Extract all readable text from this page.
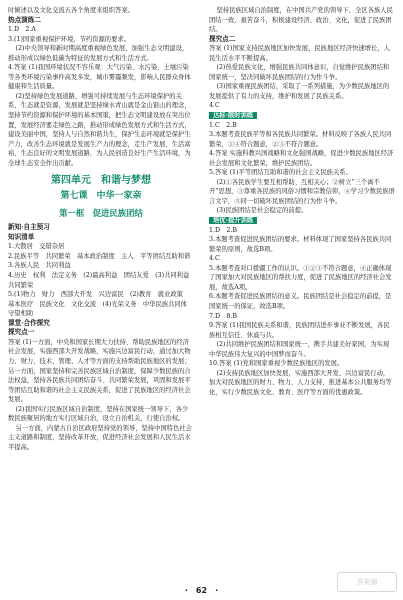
时倾述以及文化交流五各个角度来组织答案。

热点演练二

1.D　2.A

3.(1)国家重视保护环境，节约资源的要求。

(2)中央领导和新时期高度重视绿色发展，加强生态文明建设，推动形成以绿色低碳为特征的发展方式和生活方式。

4.答案 (1)我国环境状况不容乐观：大气污染、水污染、土壤污染等各类环境污染事件高发多发，城市雾霾频发，影响人民群众身体健康和生活质量。

(2)坚持绿色发展道路，增强可持续发展与生态环境保护的关系，生态就是资源，发展就是坚持绿水青山就是金山银山的理念，坚持节约资源和保护环境的基本国策，把生态文明建设放在突出位置，发展经济要走绿色之路，推动形成绿色发展方式和生活方式，建设美丽中国，坚持人与自然和谐共生，保护生态环境就是保护生产力，改善生态环境就是发展生产力的理念，走生产发展、生活富裕、生态良好的文明发展道路，为人民创造良好生产生活环境，为全球生态安全作出贡献。

第四单元　和谐与梦想
第七课　中华一家亲
第一框　促进民族团结

新知·自主预习

知识清单

1.大散居　交错杂居

2.民族平等　共同繁荣　基本政治制度　主人　平等团结互助和谐

3.各族人民　共同利益

4.历史　权利　法定义务　(2)最高利益　团结友爱　(3)共同利益　共同繁荣

5.(1)物力　财力　西部大开发　兴边富民　(2)教育　就业政策　基本医疗　民族文化　文化交流　(4)光荣义务　中华民族共同体　守望相助

课堂·合作探究

探究点一

答案 (1)一方面，中央和国家长期大力扶持、帮助民族地区的经济社会发展，实施西部大开发战略，实施兴边富民行动，通过加大物力、财力、技术、管理、人才等方面的支持帮助民族地区的发展；另一方面，国家坚持和完善民族区域自治制度，保障少数民族的合法权益，坚持各民族共同团结奋斗、共同繁荣发展，巩固和发展平等团结互助和谐的社会主义民族关系，促进了民族地区的经济社会发展。

(2)我国实行民族区域自治制度，坚持在国家统一领导下，各少数民族聚居的地方实行区域自治，设立自治机关，行使自治权。

另一方面，内蒙古自治区政府坚持党的领导，坚持中国特色社会主义道路和制度，坚持改革开放，促进经济社会发展和人民生活水平提高。

坚持民族区域自治制度，在中国共产党的领导下，全区各族人民团结一致、艰苦奋斗，积极建设经济、政治、文化，促进了民族团结。

探究点二

答案 (1)国家支持民族地区加快发展，民族地区经济快速增长，人民生活水平不断提高。

(2)热爱民族文化，增强民族共同体意识，自觉维护民族团结和国家统一，坚决同破坏民族团结的行为作斗争。

(3)国家重视民族团结，采取了一系列措施，为少数民族地区的发展提供了有力的支持，维护和发展了民族关系。

4.C

达标·限时训练

1.C　2.B

3.本题考查民族平等和各民族共同繁荣。材料反映了各族人民共同繁荣，①④符合题意，②③不符合题意。

4.答案 实施科教兴国战略和文化强国战略，促进少数民族地区经济社会发展和文化繁荣，维护民族团结。

5.答案 (1)平等团结互助和谐的社会主义民族关系。

(2)①各民族学生要互相帮助、互相关心；②树立“三个离不开”思想，③尊重各民族的风俗习惯和宗教信仰，④学习少数民族语言文字，⑤同一切破坏民族团结的行为作斗争。

(3)民族团结是社会稳定的前提。

培优·提升训练

1.D　2.B

3.本题考查促进民族团结的要求。材料体现了国家坚持各民族共同繁荣的原则，故选B项。

4.C

5.本题考查对口援疆工作的认识。①②③不符合题意，④正确体现了国家加大对民族地区的帮扶力度，促进了民族地区的经济社会发展，故选A项。

6.本题考查促进民族团结的意义。民族团结是社会稳定的前提，是国家统一的保证，故选B项。

7.D　8.B

9.答案 (1)我国民族关系和谐，民族团结进步事业不断发展，各民族相互信任、休戚与共。

(2)共同维护民族团结和国家统一，携手共建美好家园，为实现中华民族伟大复兴的中国梦而奋斗。

10.答案 (1)党和国家重视少数民族地区的发展。

(2)支持民族地区加快发展，实施西部大开发、兴边富民行动，加大对民族地区的财力、物力、人力支持，推进基本公共服务均等化，实行少数民族文化、教育、医疗等方面的优惠政策。

· 62 ·
答案圈
